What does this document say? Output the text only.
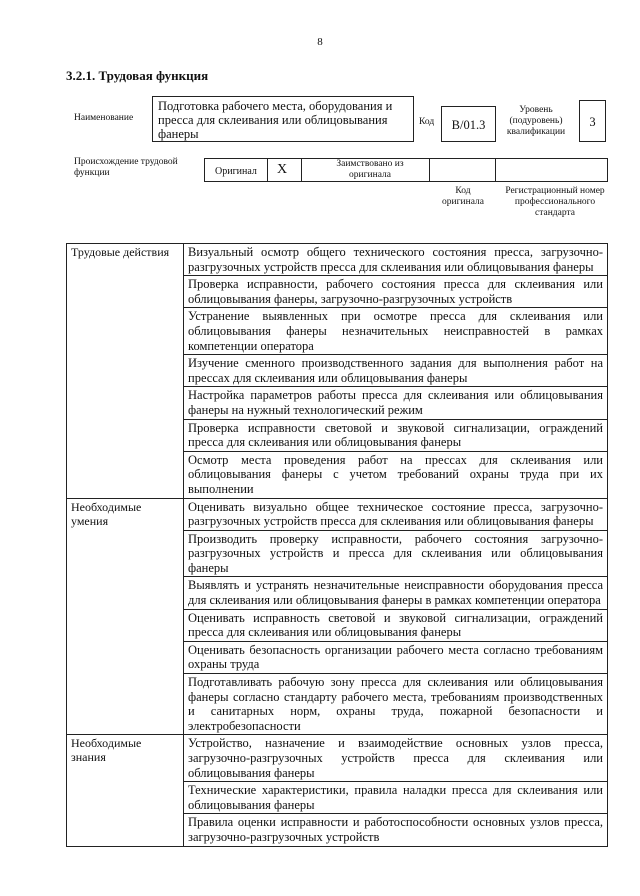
8
3.2.1. Трудовая функция
Наименование
Подготовка рабочего места, оборудования и пресса для склеивания или облицовывания фанеры
Код	B/01.3
Уровень (подуровень) квалификации
3
Происхождение трудовой функции	Оригинал X	Заимствовано из оригинала
Код оригинала
Регистрационный номер профессионального стандарта
Трудовые действия	Визуальный осмотр общего технического состояния пресса, загрузочно-разгрузочных устройств пресса для склеивания или облицовывания фанеры
	Проверка исправности, рабочего состояния пресса для склеивания или облицовывания фанеры, загрузочно-разгрузочных устройств
	Устранение выявленных при осмотре пресса для склеивания или облицовывания фанеры незначительных неисправностей в рамках компетенции оператора
	Изучение сменного производственного задания для выполнения работ на прессах для склеивания или облицовывания фанеры
	Настройка параметров работы пресса для склеивания или облицовывания фанеры на нужный технологический режим
	Проверка исправности световой и звуковой сигнализации, ограждений пресса для склеивания или облицовывания фанеры
	Осмотр места проведения работ на прессах для склеивания или облицовывания фанеры с учетом требований охраны труда при их выполнении
Необходимые умения	Оценивать визуально общее техническое состояние пресса, загрузочно-разгрузочных устройств пресса для склеивания или облицовывания фанеры
	Производить проверку исправности, рабочего состояния загрузочно-разгрузочных устройств и пресса для склеивания или облицовывания фанеры
	Выявлять и устранять незначительные неисправности оборудования пресса для склеивания или облицовывания фанеры в рамках компетенции оператора
	Оценивать исправность световой и звуковой сигнализации, ограждений пресса для склеивания или облицовывания фанеры
	Оценивать безопасность организации рабочего места согласно требованиям охраны труда
	Подготавливать рабочую зону пресса для склеивания или облицовывания фанеры согласно стандарту рабочего места, требованиям производственных и санитарных норм, охраны труда, пожарной безопасности и электробезопасности
Необходимые знания	Устройство, назначение и взаимодействие основных узлов пресса, загрузочно-разгрузочных устройств пресса для склеивания или облицовывания фанеры
	Технические характеристики, правила наладки пресса для склеивания или облицовывания фанеры
	Правила оценки исправности и работоспособности основных узлов пресса, загрузочно-разгрузочных устройств
